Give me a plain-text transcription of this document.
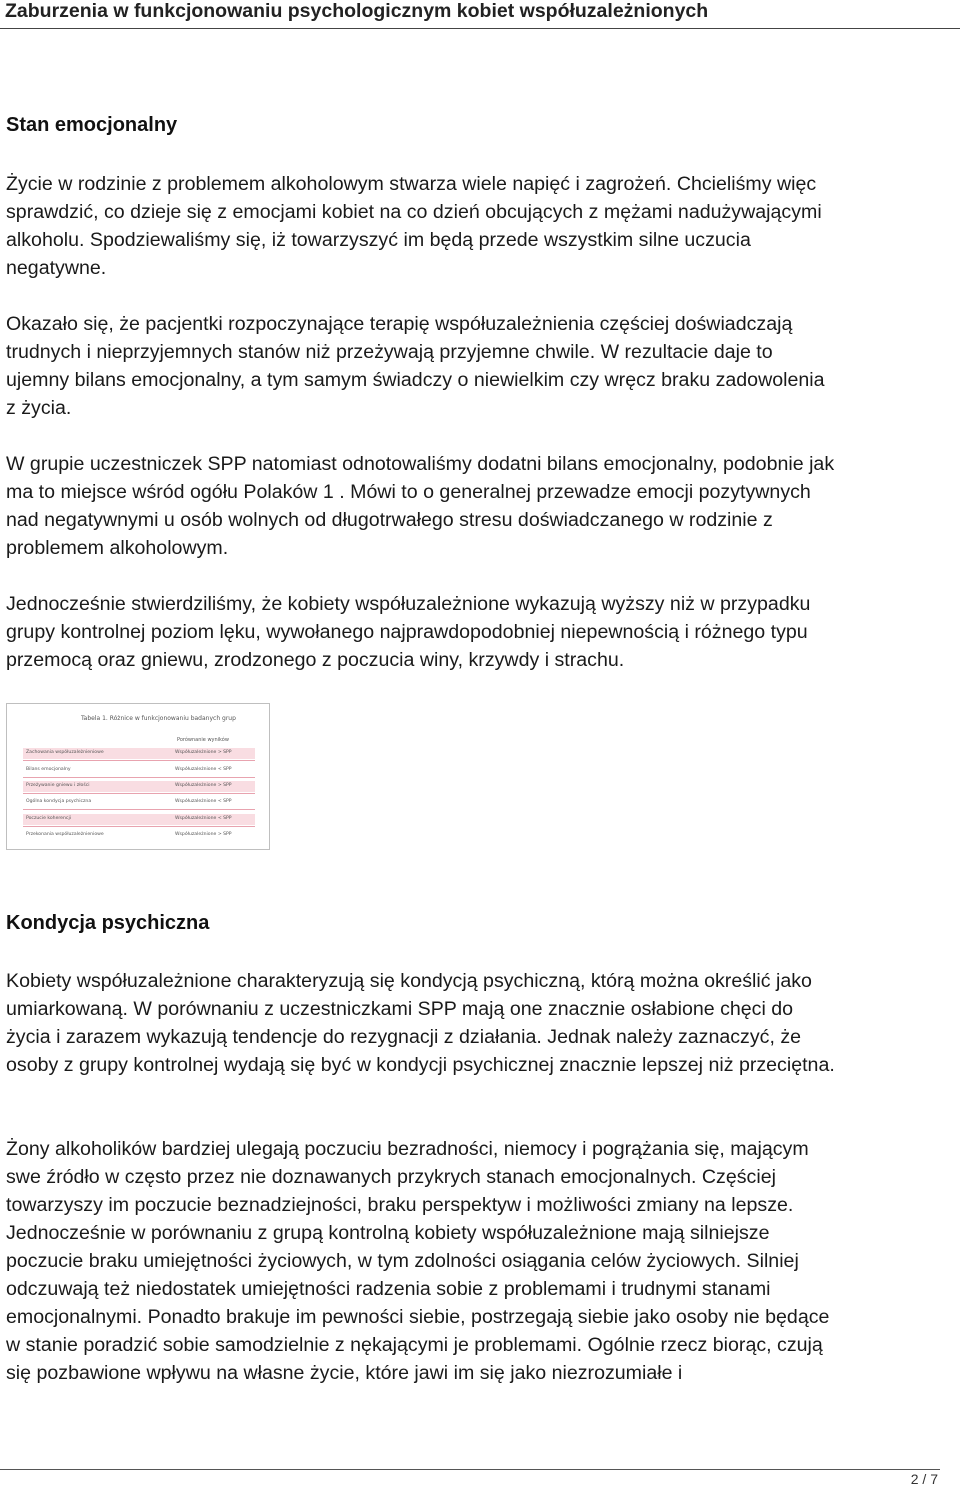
Zaburzenia w funkcjonowaniu psychologicznym kobiet współuzależnionych
Stan emocjonalny
Życie w rodzinie z problemem alkoholowym stwarza wiele napięć i zagrożeń. Chcieliśmy więc
sprawdzić, co dzieje się z emocjami kobiet na co dzień obcujących z mężami nadużywającymi
alkoholu. Spodziewaliśmy się, iż towarzyszyć im będą przede wszystkim silne uczucia
negatywne.
Okazało się, że pacjentki rozpoczynające terapię współuzależnienia częściej doświadczają
trudnych i nieprzyjemnych stanów niż przeżywają przyjemne chwile. W rezultacie daje to
ujemny bilans emocjonalny, a tym samym świadczy o niewielkim czy wręcz braku zadowolenia
z życia.
W grupie uczestniczek SPP natomiast odnotowaliśmy dodatni bilans emocjonalny, podobnie jak
ma to miejsce wśród ogółu Polaków 1 . Mówi to o generalnej przewadze emocji pozytywnych
nad negatywnymi u osób wolnych od długotrwałego stresu doświadczanego w rodzinie z
problemem alkoholowym.
Jednocześnie stwierdziliśmy, że kobiety współuzależnione wykazują wyższy niż w przypadku
grupy kontrolnej poziom lęku, wywołanego najprawdopodobniej niepewnością i różnego typu
przemocą oraz gniewu, zrodzonego z poczucia winy, krzywdy i strachu.
Tabela 1. Różnice w funkcjonowaniu badanych grup
Porównanie wyników
Zachowania współuzależnieniowe	Współuzależnione > SPP
Bilans emocjonalny	Współuzależnione < SPP
Przeżywanie gniewu i złości	Współuzależnione > SPP
Ogólna kondycja psychiczna	Współuzależnione < SPP
Poczucie koherencji	Współuzależnione < SPP
Przekonania współuzależnieniowe	Współuzależnione > SPP
Kondycja psychiczna
Kobiety współuzależnione charakteryzują się kondycją psychiczną, którą można określić jako
umiarkowaną. W porównaniu z uczestniczkami SPP mają one znacznie osłabione chęci do
życia i zarazem wykazują tendencje do rezygnacji z działania. Jednak należy zaznaczyć, że
osoby z grupy kontrolnej wydają się być w kondycji psychicznej znacznie lepszej niż przeciętna.
Żony alkoholików bardziej ulegają poczuciu bezradności, niemocy i pogrążania się, mającym
swe źródło w często przez nie doznawanych przykrych stanach emocjonalnych. Częściej
towarzyszy im poczucie beznadziejności, braku perspektyw i możliwości zmiany na lepsze.
Jednocześnie w porównaniu z grupą kontrolną kobiety współuzależnione mają silniejsze
poczucie braku umiejętności życiowych, w tym zdolności osiągania celów życiowych. Silniej
odczuwają też niedostatek umiejętności radzenia sobie z problemami i trudnymi stanami
emocjonalnymi. Ponadto brakuje im pewności siebie, postrzegają siebie jako osoby nie będące
w stanie poradzić sobie samodzielnie z nękającymi je problemami. Ogólnie rzecz biorąc, czują
się pozbawione wpływu na własne życie, które jawi im się jako niezrozumiałe i
2 / 7
